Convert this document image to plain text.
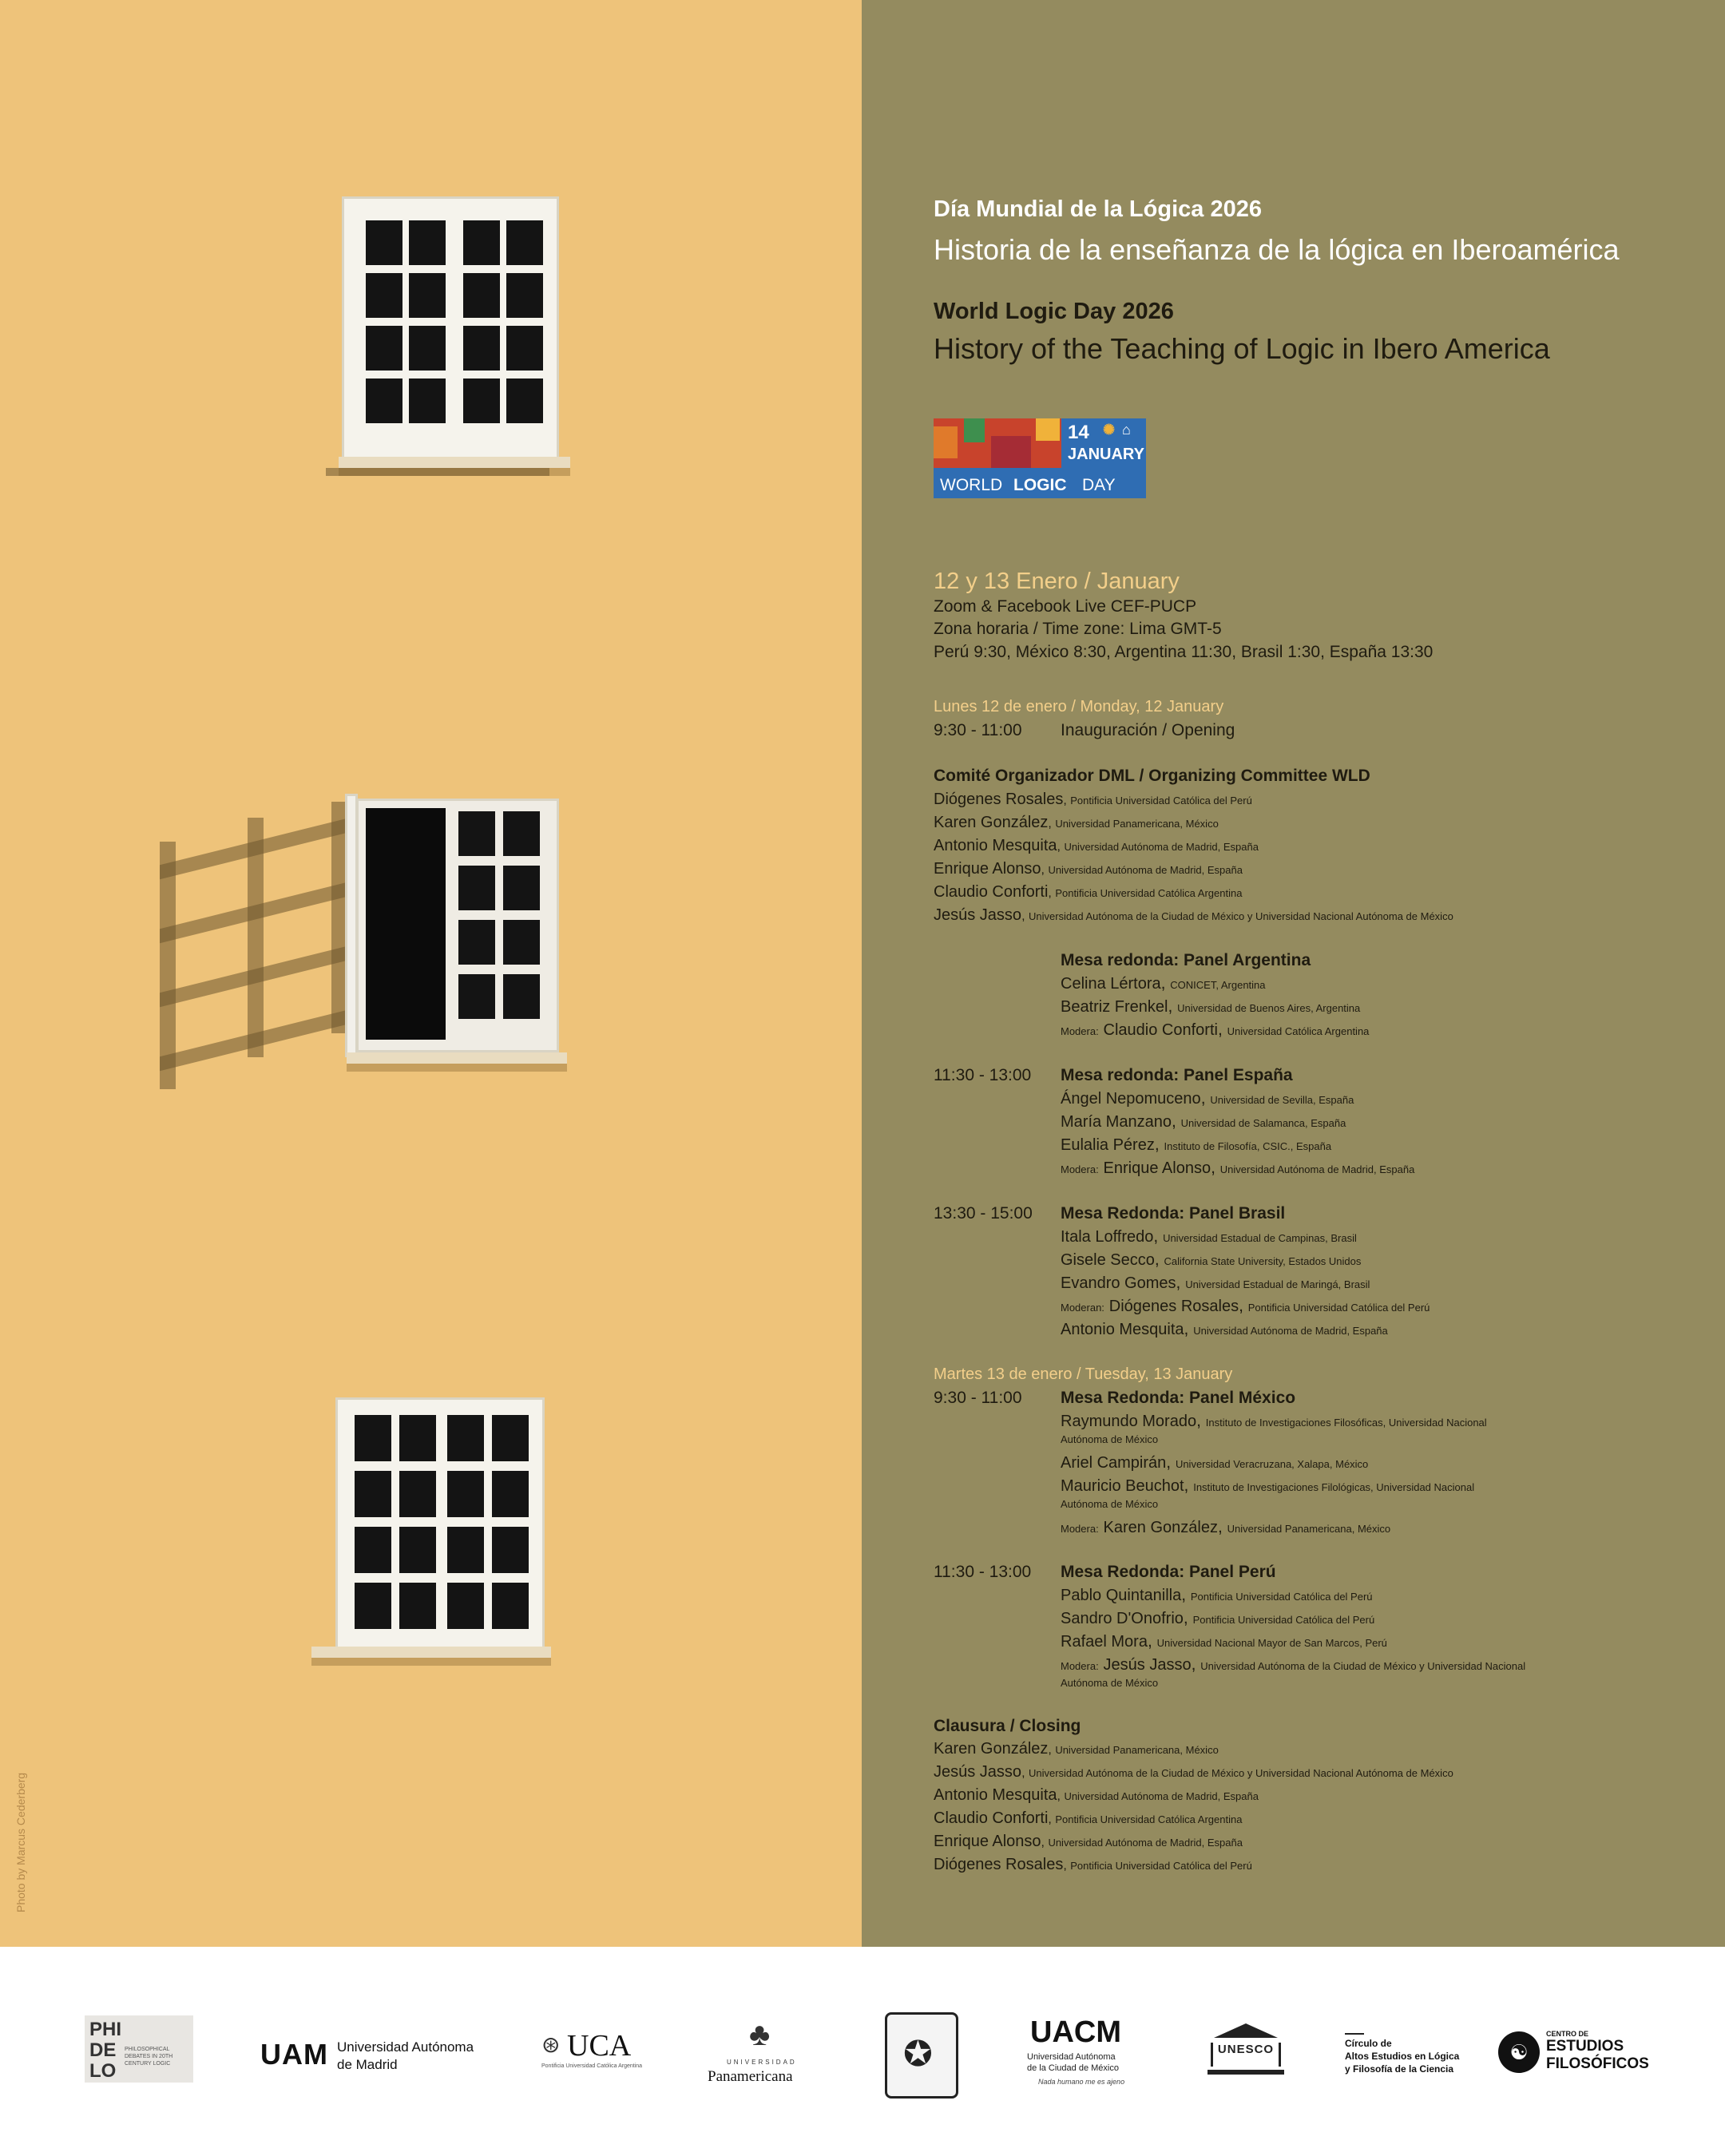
Photo by Marcus Cederberg
Día Mundial de la Lógica 2026
Historia de la enseñanza de la lógica en Iberoamérica
World Logic Day 2026
History of the Teaching of Logic in Ibero America
14 ✺ ⌂
JANUARY
WORLD LOGIC DAY
12 y 13 Enero / January
Zoom & Facebook Live CEF-PUCP
Zona horaria / Time zone: Lima GMT-5
Perú 9:30, México 8:30, Argentina 11:30, Brasil 1:30, España 13:30
Lunes 12 de enero / Monday, 12 January
9:30 - 11:00 Inauguración / Opening
Comité Organizador DML / Organizing Committee WLD
Diógenes Rosales, Pontificia Universidad Católica del Perú
Karen González, Universidad Panamericana, México
Antonio Mesquita, Universidad Autónoma de Madrid, España
Enrique Alonso, Universidad Autónoma de Madrid, España
Claudio Conforti, Pontificia Universidad Católica Argentina
Jesús Jasso, Universidad Autónoma de la Ciudad de México y Universidad Nacional Autónoma de México
Mesa redonda: Panel Argentina
Celina Lértora, CONICET, Argentina
Beatriz Frenkel, Universidad de Buenos Aires, Argentina
Modera: Claudio Conforti, Universidad Católica Argentina
11:30 - 13:00 Mesa redonda: Panel España
Ángel Nepomuceno, Universidad de Sevilla, España
María Manzano, Universidad de Salamanca, España
Eulalia Pérez, Instituto de Filosofía, CSIC., España
Modera: Enrique Alonso, Universidad Autónoma de Madrid, España
13:30 - 15:00 Mesa Redonda: Panel Brasil
Itala Loffredo, Universidad Estadual de Campinas, Brasil
Gisele Secco, California State University, Estados Unidos
Evandro Gomes, Universidad Estadual de Maringá, Brasil
Moderan: Diógenes Rosales, Pontificia Universidad Católica del Perú
Antonio Mesquita, Universidad Autónoma de Madrid, España
Martes 13 de enero / Tuesday, 13 January
9:30 - 11:00 Mesa Redonda: Panel México
Raymundo Morado, Instituto de Investigaciones Filosóficas, Universidad Nacional
Autónoma de México
Ariel Campirán, Universidad Veracruzana, Xalapa, México
Mauricio Beuchot, Instituto de Investigaciones Filológicas, Universidad Nacional
Autónoma de México
Modera: Karen González, Universidad Panamericana, México
11:30 - 13:00 Mesa Redonda: Panel Perú
Pablo Quintanilla, Pontificia Universidad Católica del Perú
Sandro D'Onofrio, Pontificia Universidad Católica del Perú
Rafael Mora, Universidad Nacional Mayor de San Marcos, Perú
Modera: Jesús Jasso, Universidad Autónoma de la Ciudad de México y Universidad Nacional
Autónoma de México
Clausura / Closing
Karen González, Universidad Panamericana, México
Jesús Jasso, Universidad Autónoma de la Ciudad de México y Universidad Nacional Autónoma de México
Antonio Mesquita, Universidad Autónoma de Madrid, España
Claudio Conforti, Pontificia Universidad Católica Argentina
Enrique Alonso, Universidad Autónoma de Madrid, España
Diógenes Rosales, Pontificia Universidad Católica del Perú
PHI
DE
LO
PHILOSOPHICAL DEBATES IN 20TH CENTURY LOGIC	UAM Universidad Autónoma
de Madrid
⊛ UCA
Pontificia Universidad Católica Argentina
♣
UNIVERSIDAD
Panamericana
✪
UACM
Universidad Autónoma
de la Ciudad de México
Nada humano me es ajeno
UNESCO	Círculo de
Altos Estudios en Lógica
y Filosofía de la Ciencia
☯
CENTRO DE
ESTUDIOS
FILOSÓFICOS
